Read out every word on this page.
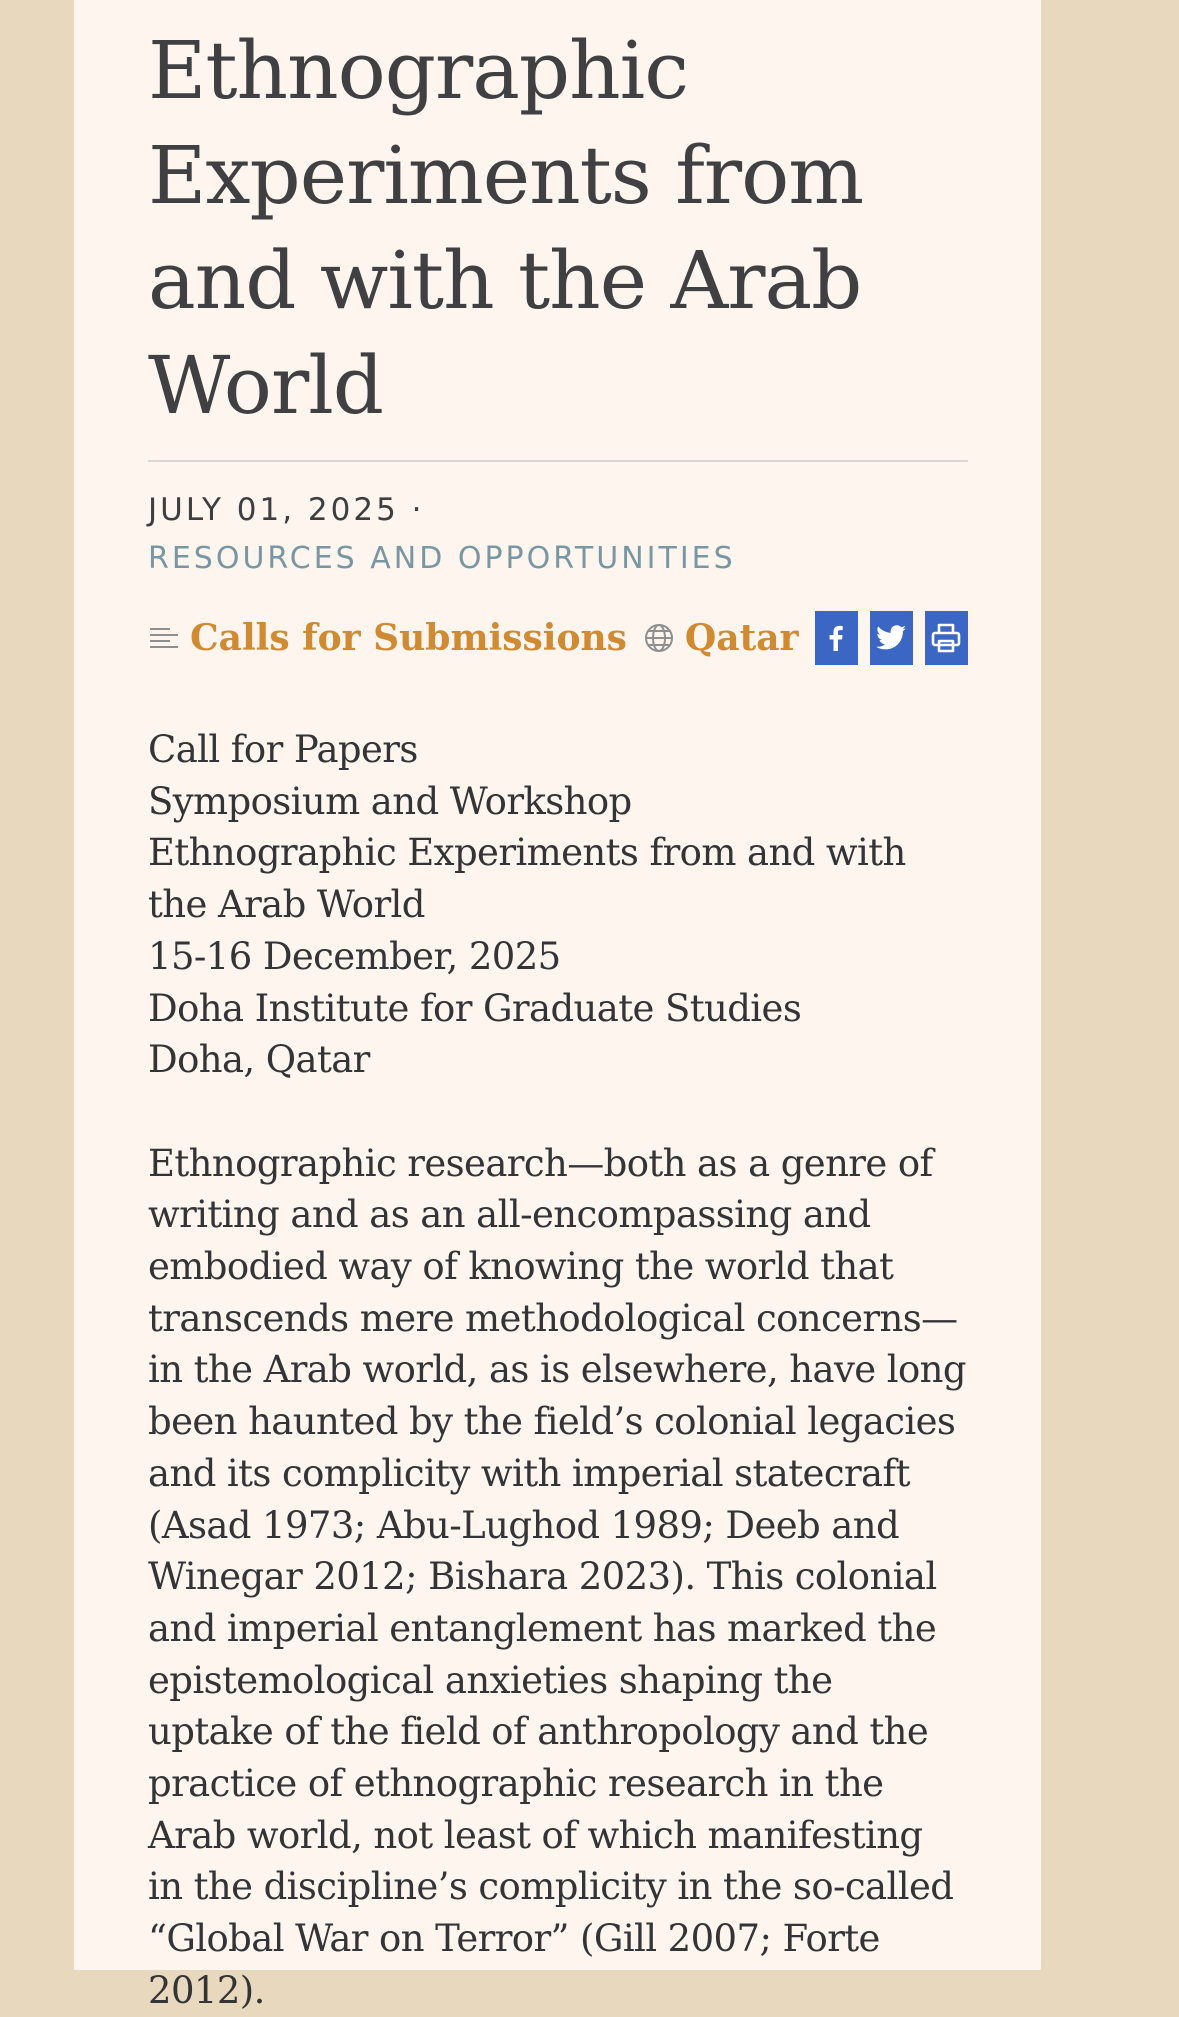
Ethnographic Experiments from and with the Arab World
JULY 01, 2025 ·
RESOURCES AND OPPORTUNITIES
Calls for Submissions Qatar

Call for Papers

Symposium and Workshop

Ethnographic Experiments from and with the Arab World

15-16 December, 2025

Doha Institute for Graduate Studies

Doha, Qatar

Ethnographic research—both as a genre of writing and as an all-encompassing and embodied way of knowing the world that transcends mere methodological concerns—in the Arab world, as is elsewhere, have long been haunted by the field’s colonial legacies and its complicity with imperial statecraft (Asad 1973; Abu-Lughod 1989; Deeb and Winegar 2012; Bishara 2023). This colonial and imperial entanglement has marked the epistemological anxieties shaping the uptake of the field of anthropology and the practice of ethnographic research in the Arab world, not least of which manifesting in the discipline’s complicity in the so-called “Global War on Terror” (Gill 2007; Forte 2012).
